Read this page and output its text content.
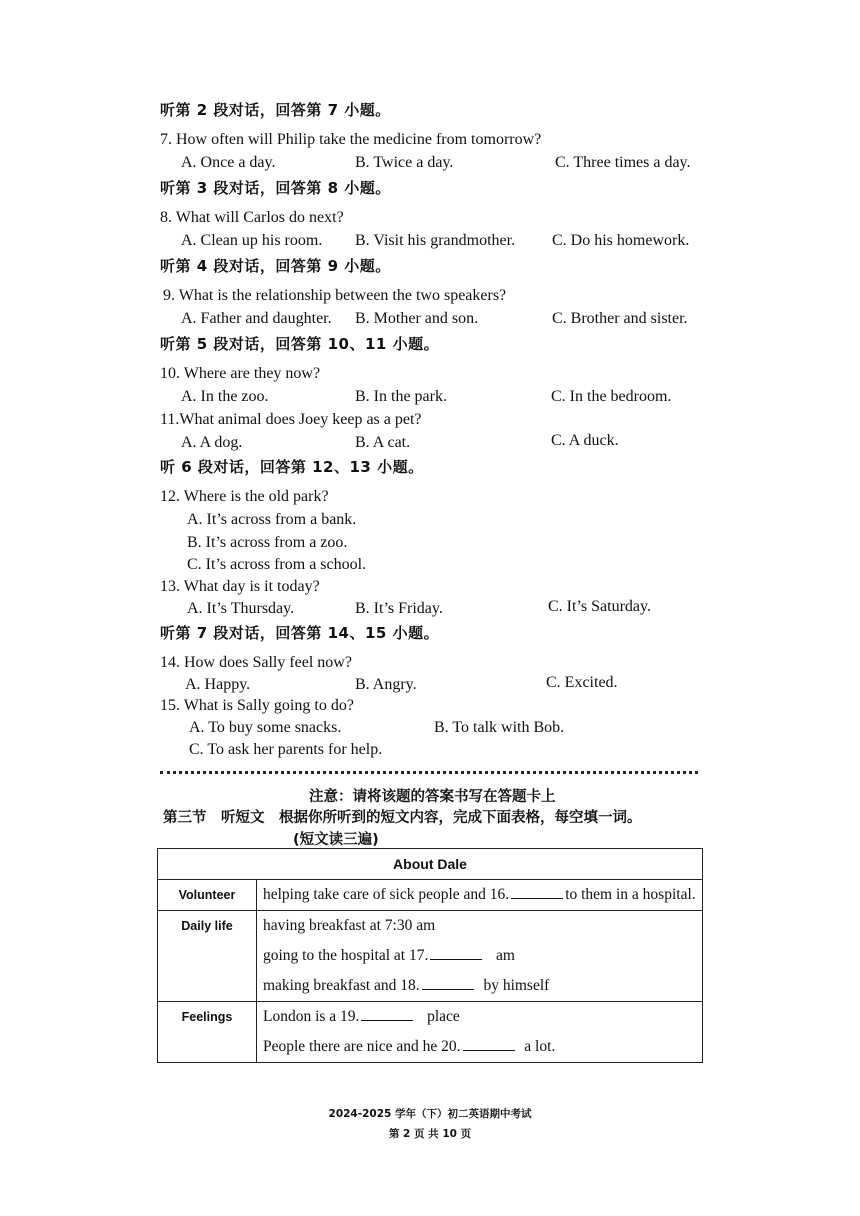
听第 2 段对话，回答第 7 小题。
7. How often will Philip take the medicine from tomorrow?
A. Once a day.	B. Twice a day.	C. Three times a day.
听第 3 段对话，回答第 8 小题。
8. What will Carlos do next?
A. Clean up his room. B. Visit his grandmother. C. Do his homework.
听第 4 段对话，回答第 9 小题。
9. What is the relationship between the two speakers?
A. Father and daughter. B. Mother and son.	C. Brother and sister.
听第 5 段对话，回答第 10、11 小题。
10. Where are they now?
A. In the zoo.	B. In the park.	C. In the bedroom.
11.What animal does Joey keep as a pet?
A. A dog.	B. A cat.	C. A duck.
听 6 段对话，回答第 12、13 小题。
12. Where is the old park?
A. It’s across from a bank.
B. It’s across from a zoo.
C. It’s across from a school.
13. What day is it today?
A. It’s Thursday.	B. It’s Friday.	C. It’s Saturday.
听第 7 段对话，回答第 14、15 小题。
14. How does Sally feel now?
A. Happy.	B. Angry.	C. Excited.
15. What is Sally going to do?
A. To buy some snacks.	B. To talk with Bob.
C. To ask her parents for help.
注意：请将该题的答案书写在答题卡上
第三节　听短文　根据你所听到的短文内容，完成下面表格，每空填一词。
(短文读三遍)
About Dale	
Volunteer	helping take care of sick people and 16. to them in a hospital.

Daily life	having breakfast at 7:30 am
going to the hospital at 17. am
making breakfast and 18. by himself

Feelings	London is a 19. place
People there are nice and he 20. a lot.
2024-2025 学年（下）初二英语期中考试
第 2 页 共 10 页
